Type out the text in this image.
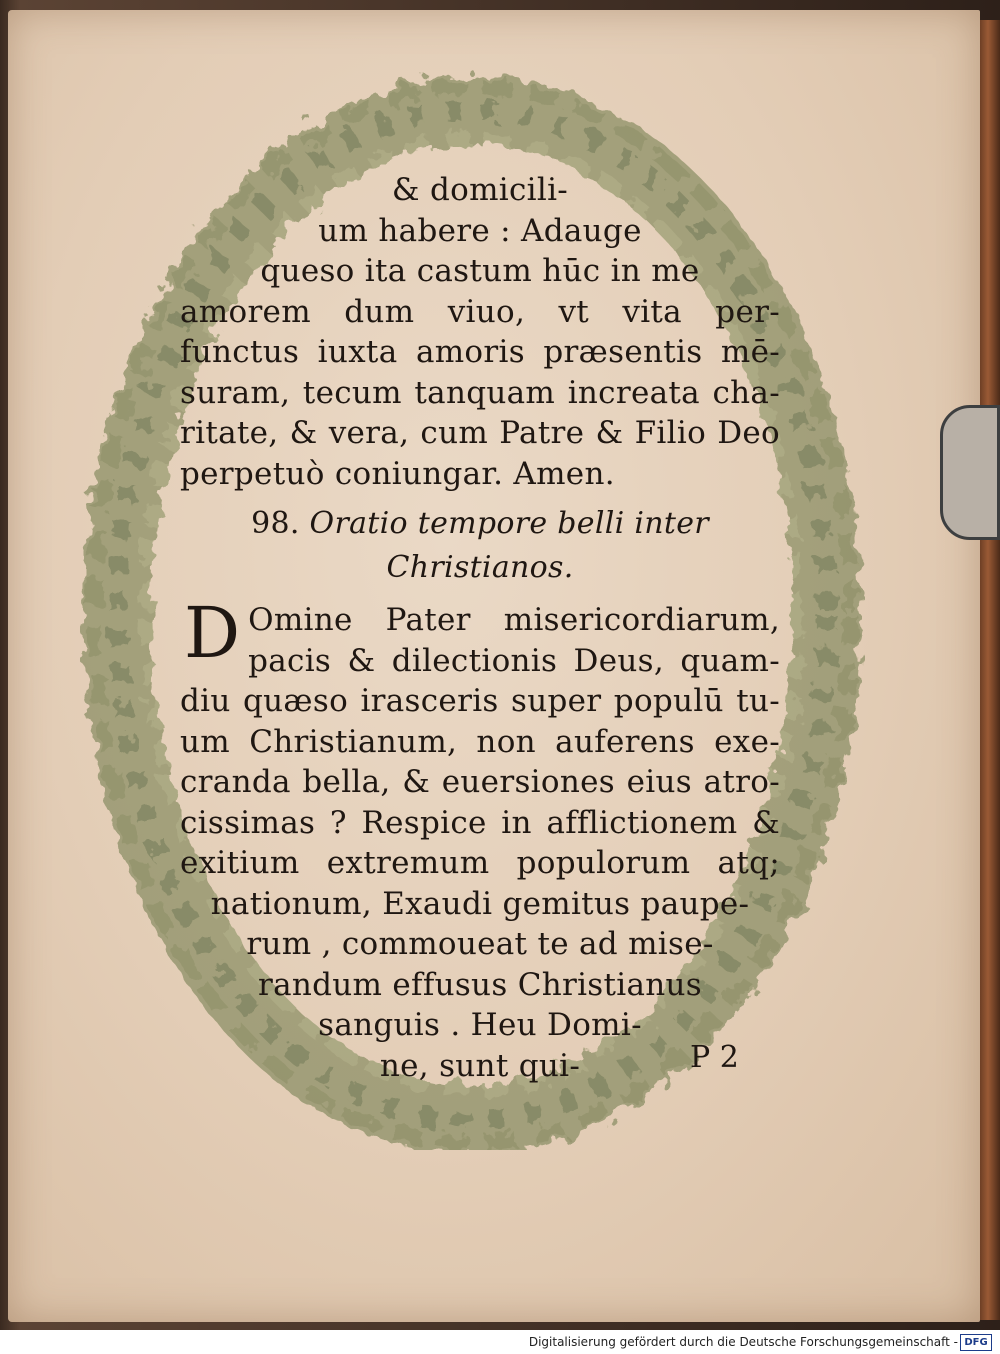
& domicili-
um habere : Adauge
queso ita castum hūc in me
amorem dum viuo, vt vita per-
functus iuxta amoris præsentis mē-
suram, tecum tanquam increata cha-
ritate, & vera, cum Patre & Filio Deo
perpetuò coniungar. Amen.
98. Oratio tempore belli inter
Christianos.
D Omine Pater misericordiarum,
pacis & dilectionis Deus, quam-
diu quæso irasceris super populū tu-
um Christianum, non auferens exe-
cranda bella, & euersiones eius atro-
cissimas ? Respice in afflictionem &
exitium extremum populorum atq;
nationum, Exaudi gemitus paupe-
rum , commoueat te ad mise-
randum effusus Christianus
sanguis . Heu Domi-
ne, sunt qui-	P 2
Digitalisierung gefördert durch die Deutsche Forschungsgemeinschaft - DFG
